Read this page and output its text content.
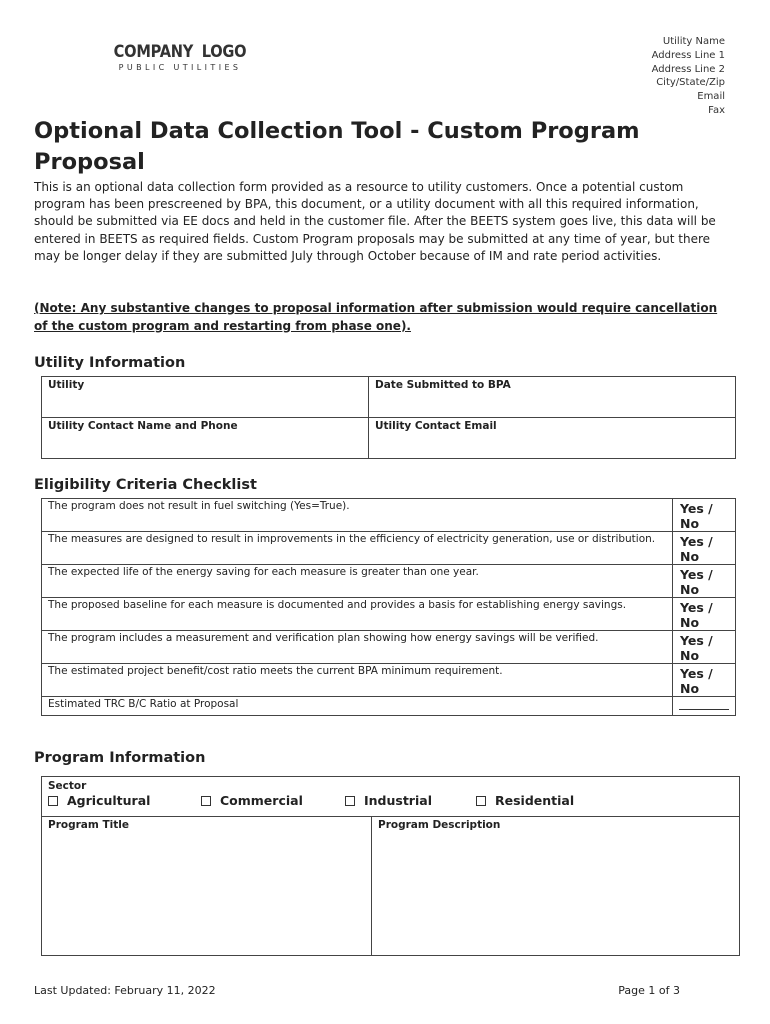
COMPANY LOGO
PUBLIC UTILITIES
Utility Name
Address Line 1
Address Line 2
City/State/Zip
Email
Fax
Optional Data Collection Tool - Custom Program Proposal

This is an optional data collection form provided as a resource to utility customers. Once a potential custom program has been prescreened by BPA, this document, or a utility document with all this required information, should be submitted via EE docs and held in the customer file. After the BEETS system goes live, this data will be entered in BEETS as required fields. Custom Program proposals may be submitted at any time of year, but there may be longer delay if they are submitted July through October because of IM and rate period activities.

(Note: Any substantive changes to proposal information after submission would require cancellation of the custom program and restarting from phase one).

Utility Information
Utility	Date Submitted to BPA
Utility Contact Name and Phone	Utility Contact Email
Eligibility Criteria Checklist
The program does not result in fuel switching (Yes=True).	Yes / No
The measures are designed to result in improvements in the efficiency of electricity generation, use or distribution.	Yes / No
The expected life of the energy saving for each measure is greater than one year.	Yes / No
The proposed baseline for each measure is documented and provides a basis for establishing energy savings.	Yes / No
The program includes a measurement and verification plan showing how energy savings will be verified.	Yes / No
The estimated project benefit/cost ratio meets the current BPA minimum requirement.	Yes / No
Estimated TRC B/C Ratio at Proposal	
Program Information
Sector
Agricultural	Commercial	Industrial	Residential

Program Title	Program Description
Last Updated: February 11, 2022	Page 1 of 3
